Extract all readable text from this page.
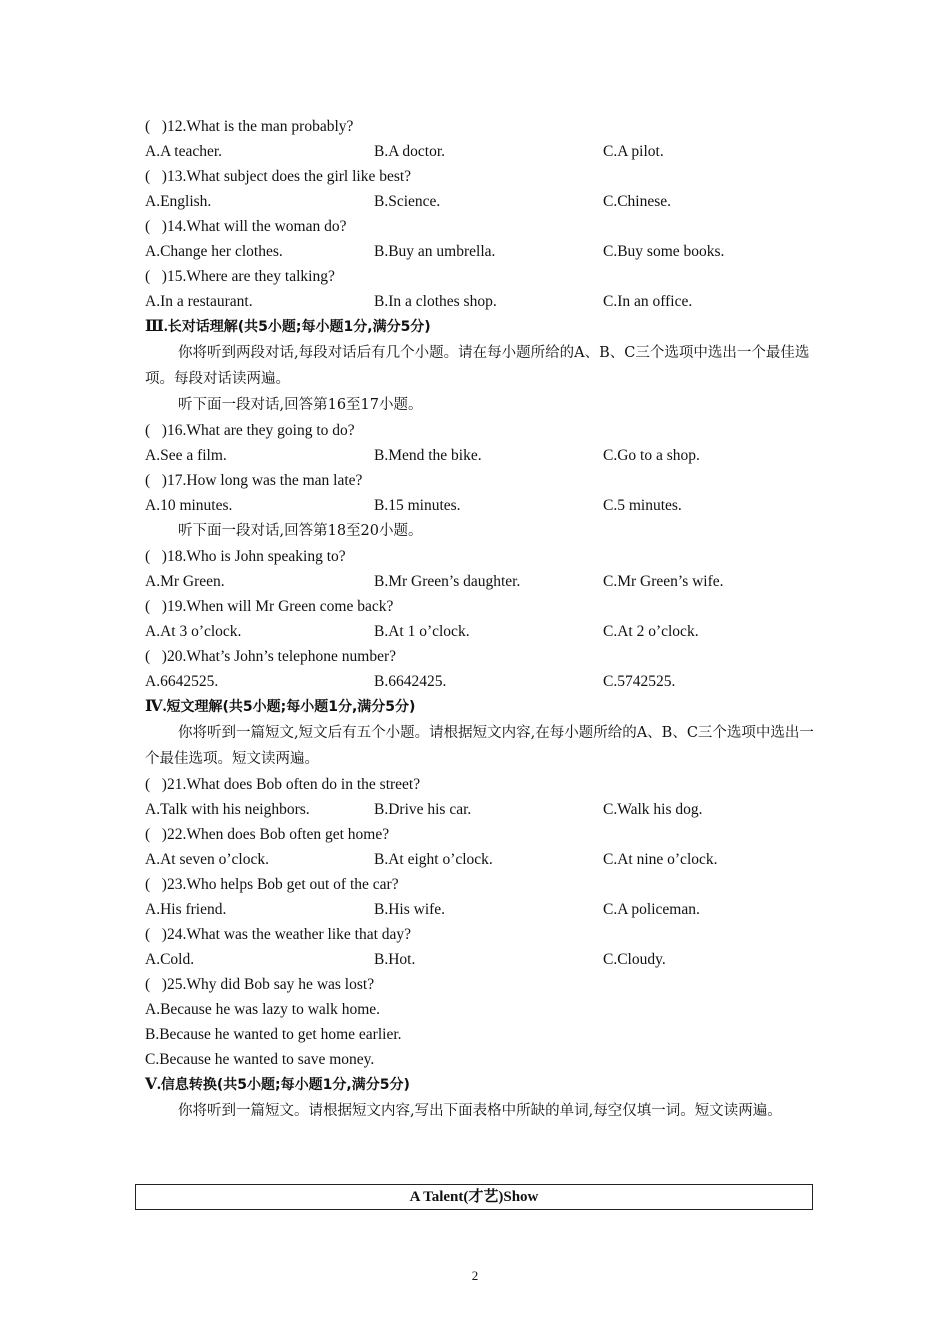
(   )12.What is the man probably?
A.A teacher.	B.A doctor.	C.A pilot.
(   )13.What subject does the girl like best?
A.English.	B.Science.	C.Chinese.
(   )14.What will the woman do?
A.Change her clothes.	B.Buy an umbrella.	C.Buy some books.
(   )15.Where are they talking?
A.In a restaurant.	B.In a clothes shop.	C.In an office.
Ⅲ.长对话理解(共5小题;每小题1分,满分5分)
你将听到两段对话,每段对话后有几个小题。请在每小题所给的A、B、C三个选项中选出一个最佳选项。每段对话读两遍。
听下面一段对话,回答第16至17小题。
(   )16.What are they going to do?
A.See a film.	B.Mend the bike.	C.Go to a shop.
(   )17.How long was the man late?
A.10 minutes.	B.15 minutes.	C.5 minutes.
听下面一段对话,回答第18至20小题。
(   )18.Who is John speaking to?
A.Mr Green.	B.Mr Green’s daughter.	C.Mr Green’s wife.
(   )19.When will Mr Green come back?
A.At 3 o’clock.	B.At 1 o’clock.	C.At 2 o’clock.
(   )20.What’s John’s telephone number?
A.6642525.	B.6642425.	C.5742525.
Ⅳ.短文理解(共5小题;每小题1分,满分5分)
你将听到一篇短文,短文后有五个小题。请根据短文内容,在每小题所给的A、B、C三个选项中选出一个最佳选项。短文读两遍。
(   )21.What does Bob often do in the street?
A.Talk with his neighbors.	B.Drive his car.	C.Walk his dog.
(   )22.When does Bob often get home?
A.At seven o’clock.	B.At eight o’clock.	C.At nine o’clock.
(   )23.Who helps Bob get out of the car?
A.His friend.	B.His wife.	C.A policeman.
(   )24.What was the weather like that day?
A.Cold.	B.Hot.	C.Cloudy.
(   )25.Why did Bob say he was lost?
A.Because he was lazy to walk home.
B.Because he wanted to get home earlier.
C.Because he wanted to save money.
Ⅴ.信息转换(共5小题;每小题1分,满分5分)
你将听到一篇短文。请根据短文内容,写出下面表格中所缺的单词,每空仅填一词。短文读两遍。
A Talent(才艺)Show
2
